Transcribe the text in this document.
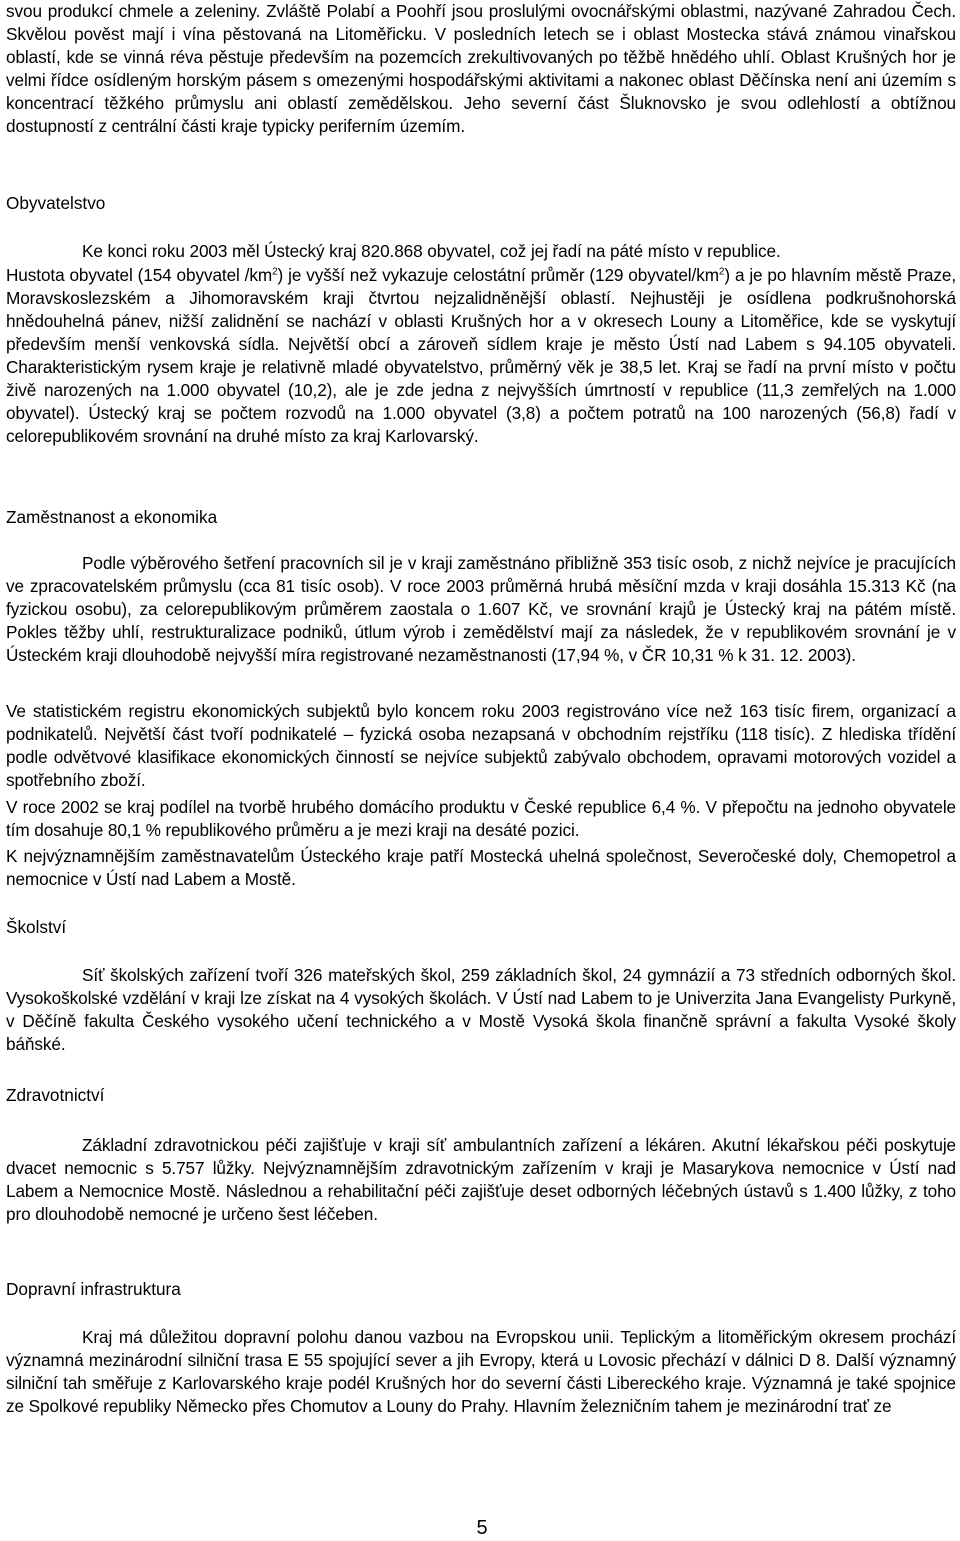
svou produkcí chmele a zeleniny. Zvláště Polabí a Poohří jsou proslulými ovocnářskými oblastmi, nazývané Zahradou Čech. Skvělou pověst mají i vína pěstovaná na Litoměřicku. V posledních letech se i oblast Mostecka stává známou vinařskou oblastí, kde se vinná réva pěstuje především na pozemcích zrekultivovaných po těžbě hnědého uhlí. Oblast Krušných hor je velmi řídce osídleným horským pásem s omezenými hospodářskými aktivitami a nakonec oblast Děčínska není ani územím s koncentrací těžkého průmyslu ani oblastí zemědělskou. Jeho severní část Šluknovsko je svou odlehlostí a obtížnou dostupností z centrální části kraje typicky periferním územím.

Obyvatelstvo

Ke konci roku 2003 měl Ústecký kraj 820.868 obyvatel, což jej řadí na páté místo v republice.

Hustota obyvatel (154 obyvatel $/km^2$) je vyšší než vykazuje celostátní průměr (129 obyvatel/$km^2$) a je po hlavním městě Praze, Moravskoslezském a Jihomoravském kraji čtvrtou nejzalidněnější oblastí. Nejhustěji je osídlena podkrušnohorská hnědouhelná pánev, nižší zalidnění se nachází v oblasti Krušných hor a v okresech Louny a Litoměřice, kde se vyskytují především menší venkovská sídla. Největší obcí a zároveň sídlem kraje je město Ústí nad Labem s 94.105 obyvateli. Charakteristickým rysem kraje je relativně mladé obyvatelstvo, průměrný věk je 38,5 let. Kraj se řadí na první místo v počtu živě narozených na 1.000 obyvatel (10,2), ale je zde jedna z nejvyšších úmrtností v republice (11,3 zemřelých na 1.000 obyvatel). Ústecký kraj se počtem rozvodů na 1.000 obyvatel (3,8) a počtem potratů na 100 narozených (56,8) řadí v celorepublikovém srovnání na druhé místo za kraj Karlovarský.

Zaměstnanost a ekonomika

Podle výběrového šetření pracovních sil je v kraji zaměstnáno přibližně 353 tisíc osob, z nichž nejvíce je pracujících ve zpracovatelském průmyslu (cca 81 tisíc osob). V roce 2003 průměrná hrubá měsíční mzda v kraji dosáhla 15.313 Kč (na fyzickou osobu), za celorepublikovým průměrem zaostala o 1.607 Kč, ve srovnání krajů je Ústecký kraj na pátém místě. Pokles těžby uhlí, restrukturalizace podniků, útlum výrob i zemědělství mají za následek, že v republikovém srovnání je v Ústeckém kraji dlouhodobě nejvyšší míra registrované nezaměstnanosti (17,94 %, v ČR 10,31 % k 31. 12. 2003).

Ve statistickém registru ekonomických subjektů bylo koncem roku 2003 registrováno více než 163 tisíc firem, organizací a podnikatelů. Největší část tvoří podnikatelé – fyzická osoba nezapsaná v obchodním rejstříku (118 tisíc). Z hlediska třídění podle odvětvové klasifikace ekonomických činností se nejvíce subjektů zabývalo obchodem, opravami motorových vozidel a spotřebního zboží.

V roce 2002 se kraj podílel na tvorbě hrubého domácího produktu v České republice 6,4 %. V přepočtu na jednoho obyvatele tím dosahuje 80,1 % republikového průměru a je mezi kraji na desáté pozici.

K nejvýznamnějším zaměstnavatelům Ústeckého kraje patří Mostecká uhelná společnost, Severočeské doly, Chemopetrol a nemocnice v Ústí nad Labem a Mostě.

Školství

Síť školských zařízení tvoří 326 mateřských škol, 259 základních škol, 24 gymnázií a 73 středních odborných škol. Vysokoškolské vzdělání v kraji lze získat na 4 vysokých školách. V Ústí nad Labem to je Univerzita Jana Evangelisty Purkyně, v Děčíně fakulta Českého vysokého učení technického a v Mostě Vysoká škola finančně správní a fakulta Vysoké školy báňské.

Zdravotnictví

Základní zdravotnickou péči zajišťuje v kraji síť ambulantních zařízení a lékáren. Akutní lékařskou péči poskytuje dvacet nemocnic s 5.757 lůžky. Nejvýznamnějším zdravotnickým zařízením v kraji je Masarykova nemocnice v Ústí nad Labem a Nemocnice Mostě. Následnou a rehabilitační péči zajišťuje deset odborných léčebných ústavů s 1.400 lůžky, z toho pro dlouhodobě nemocné je určeno šest léčeben.

Dopravní infrastruktura

Kraj má důležitou dopravní polohu danou vazbou na Evropskou unii. Teplickým a litoměřickým okresem prochází významná mezinárodní silniční trasa E 55 spojující sever a jih Evropy, která u Lovosic přechází v dálnici D 8. Další významný silniční tah směřuje z Karlovarského kraje podél Krušných hor do severní části Libereckého kraje. Významná je také spojnice ze Spolkové republiky Německo přes Chomutov a Louny do Prahy. Hlavním železničním tahem je mezinárodní trať ze

5
